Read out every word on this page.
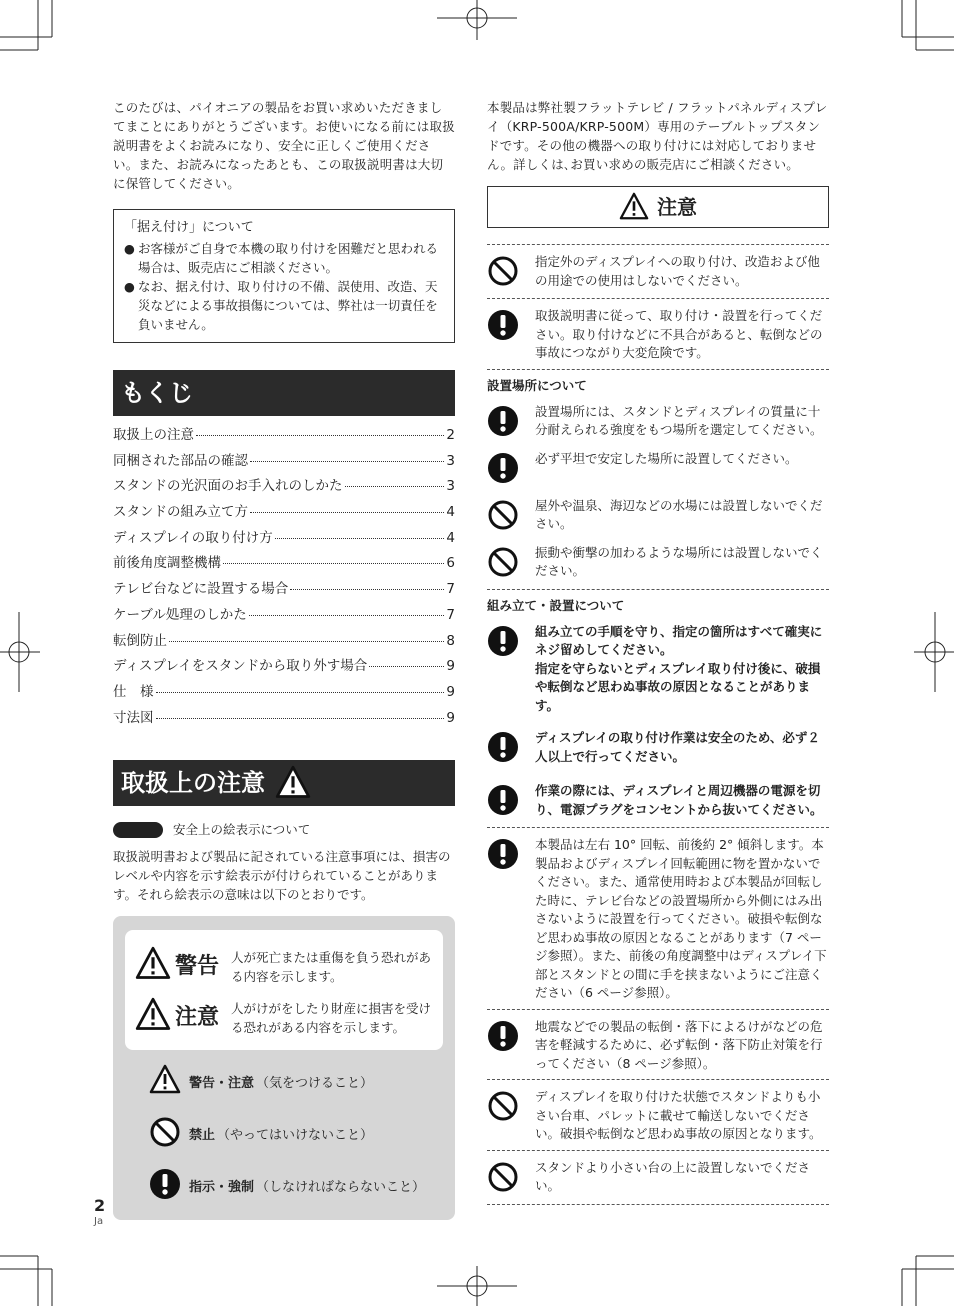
このたびは、パイオニアの製品をお買い求めいただきましてまことにありがとうございます。お使いになる前には取扱説明書をよくお読みになり、安全に正しくご使用ください。また、お読みになったあとも、この取扱説明書は大切に保管してください。

「据え付け」について
● お客様がご自身で本機の取り付けを困難だと思われる場合は、販売店にご相談ください。
● なお、据え付け、取り付けの不備、誤使用、改造、天災などによる事故損傷については、弊社は一切責任を負いません。
もくじ
取扱上の注意	2
同梱された部品の確認	3
スタンドの光沢面のお手入れのしかた	3
スタンドの組み立て方	4
ディスプレイの取り付け方	4
前後角度調整機構	6
テレビ台などに設置する場合	7
ケーブル処理のしかた	7
転倒防止	8
ディスプレイをスタンドから取り外す場合	9
仕　様	9
寸法図	9
取扱上の注意
安全上の絵表示について

取扱説明書および製品に記されている注意事項には、損害のレベルや内容を示す絵表示が付けられていることがあります。それら絵表示の意味は以下のとおりです。

警告 人が死亡または重傷を負う恐れがある内容を示します。
注意 人がけがをしたり財産に損害を受ける恐れがある内容を示します。
警告・注意 （気をつけること）
禁止 （やってはいけないこと）
指示・強制 （しなければならないこと）

本製品は弊社製フラットテレビ / フラットパネルディスプレイ（KRP-500A/KRP-500M）専用のテーブルトップスタンドです。その他の機器への取り付けには対応しておりません。詳しくは､お買い求めの販売店にご相談ください。

注意
指定外のディスプレイへの取り付け、改造および他の用途での使用はしないでください。
取扱説明書に従って、取り付け・設置を行ってください。取り付けなどに不具合があると、転倒などの事故につながり大変危険です。
設置場所について
設置場所には、スタンドとディスプレイの質量に十分耐えられる強度をもつ場所を選定してください。
必ず平坦で安定した場所に設置してください。
屋外や温泉、海辺などの水場には設置しないでください。
振動や衝撃の加わるような場所には設置しないでください。
組み立て・設置について
組み立ての手順を守り、指定の箇所はすべて確実にネジ留めしてください。
指定を守らないとディスプレイ取り付け後に、破損や転倒など思わぬ事故の原因となることがあります。
ディスプレイの取り付け作業は安全のため、必ず２人以上で行ってください。
作業の際には、ディスプレイと周辺機器の電源を切り、電源プラグをコンセントから抜いてください。
本製品は左右 10° 回転、前後約 2° 傾斜します。本製品およびディスプレイ回転範囲に物を置かないでください。また、通常使用時および本製品が回転した時に、テレビ台などの設置場所から外側にはみ出さないように設置を行ってください。破損や転倒など思わぬ事故の原因となることがあります（7 ページ参照）。また、前後の角度調整中はディスプレイ下部とスタンドとの間に手を挟まないようにご注意ください（6 ページ参照）。
地震などでの製品の転倒・落下によるけがなどの危害を軽減するために、必ず転倒・落下防止対策を行ってください（8 ページ参照）。
ディスプレイを取り付けた状態でスタンドよりも小さい台車、パレットに載せて輸送しないでください。破損や転倒など思わぬ事故の原因となります。
スタンドより小さい台の上に設置しないでください。
2
Ja
